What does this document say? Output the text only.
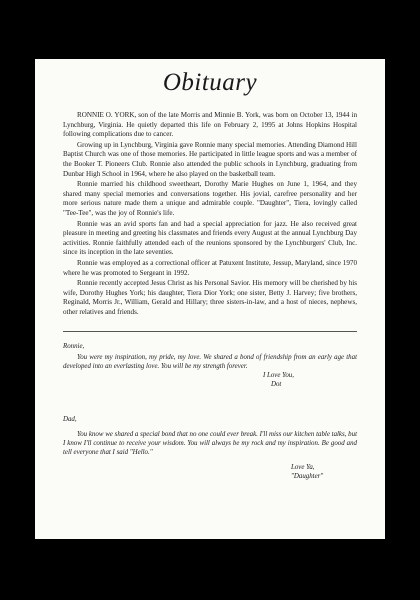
Obituary

RONNIE O. YORK, son of the late Morris and Minnie B. York, was born on October 13, 1944 in Lynchburg, Virginia. He quietly departed this life on February 2, 1995 at Johns Hopkins Hospital following complications due to cancer.

Growing up in Lynchburg, Virginia gave Ronnie many special memories. Attending Diamond Hill Baptist Church was one of those memories. He participated in little league sports and was a member of the Booker T. Pioneers Club. Ronnie also attended the public schools in Lynchburg, graduating from Dunbar High School in 1964, where he also played on the basketball team.

Ronnie married his childhood sweetheart, Dorothy Marie Hughes on June 1, 1964, and they shared many special memories and conversations together. His jovial, carefree personality and her more serious nature made them a unique and admirable couple. "Daughter", Tiera, lovingly called "Tee-Tee", was the joy of Ronnie's life.

Ronnie was an avid sports fan and had a special appreciation for jazz. He also received great pleasure in meeting and greeting his classmates and friends every August at the annual Lynchburg Day activities. Ronnie faithfully attended each of the reunions sponsored by the Lynchburgers' Club, Inc. since its inception in the late seventies.

Ronnie was employed as a correctional officer at Patuxent Institute, Jessup, Maryland, since 1970 where he was promoted to Sergeant in 1992.

Ronnie recently accepted Jesus Christ as his Personal Savior. His memory will be cherished by his wife, Dorothy Hughes York; his daughter, Tiera Dior York; one sister, Betty J. Harvey; five brothers, Reginald, Morris Jr., William, Gerald and Hillary; three sisters-in-law, and a host of nieces, nephews, other relatives and friends.

Ronnie,

You were my inspiration, my pride, my love. We shared a bond of friendship from an early age that developed into an everlasting love. You will be my strength forever.

I Love You,
Dot

Dad,

You know we shared a special bond that no one could ever break. I'll miss our kitchen table talks, but I know I'll continue to receive your wisdom. You will always be my rock and my inspiration. Be good and tell everyone that I said "Hello."

Love Ya,
"Daughter"
